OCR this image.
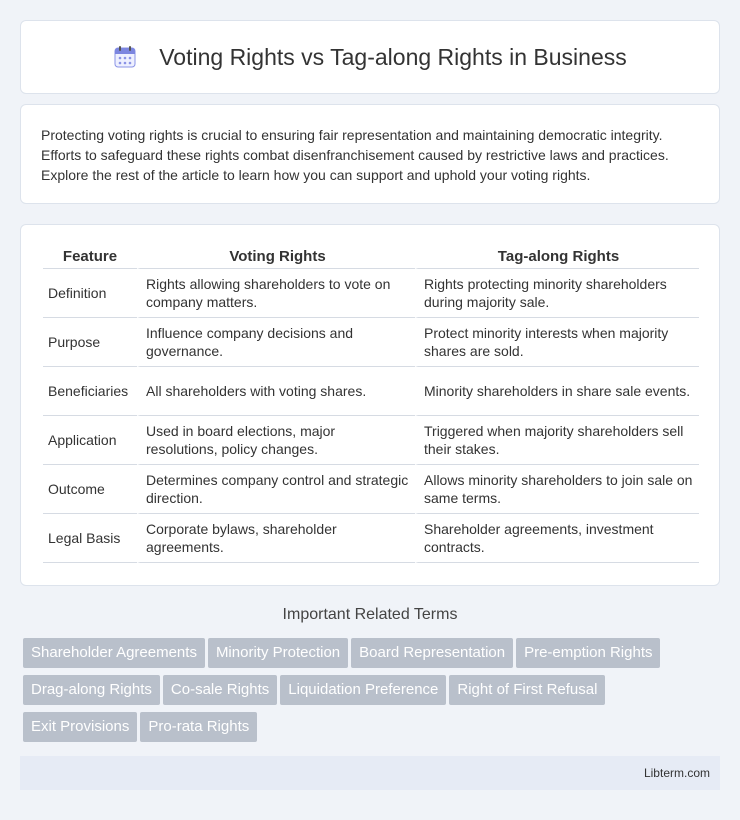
Voting Rights vs Tag-along Rights in Business

Protecting voting rights is crucial to ensuring fair representation and maintaining democratic integrity. Efforts to safeguard these rights combat disenfranchisement caused by restrictive laws and practices. Explore the rest of the article to learn how you can support and uphold your voting rights.

Feature	Voting Rights	Tag-along Rights
Definition	Rights allowing shareholders to vote on company matters.	Rights protecting minority shareholders during majority sale.
Purpose	Influence company decisions and governance.	Protect minority interests when majority shares are sold.
Beneficiaries	All shareholders with voting shares.	Minority shareholders in share sale events.
Application	Used in board elections, major resolutions, policy changes.	Triggered when majority shareholders sell their stakes.
Outcome	Determines company control and strategic direction.	Allows minority shareholders to join sale on same terms.
Legal Basis	Corporate bylaws, shareholder agreements.	Shareholder agreements, investment contracts.
Important Related Terms
Shareholder Agreements	Minority Protection	Board Representation	Pre-emption Rights
Drag-along Rights	Co-sale Rights	Liquidation Preference	Right of First Refusal
Exit Provisions	Pro-rata Rights
Libterm.com
